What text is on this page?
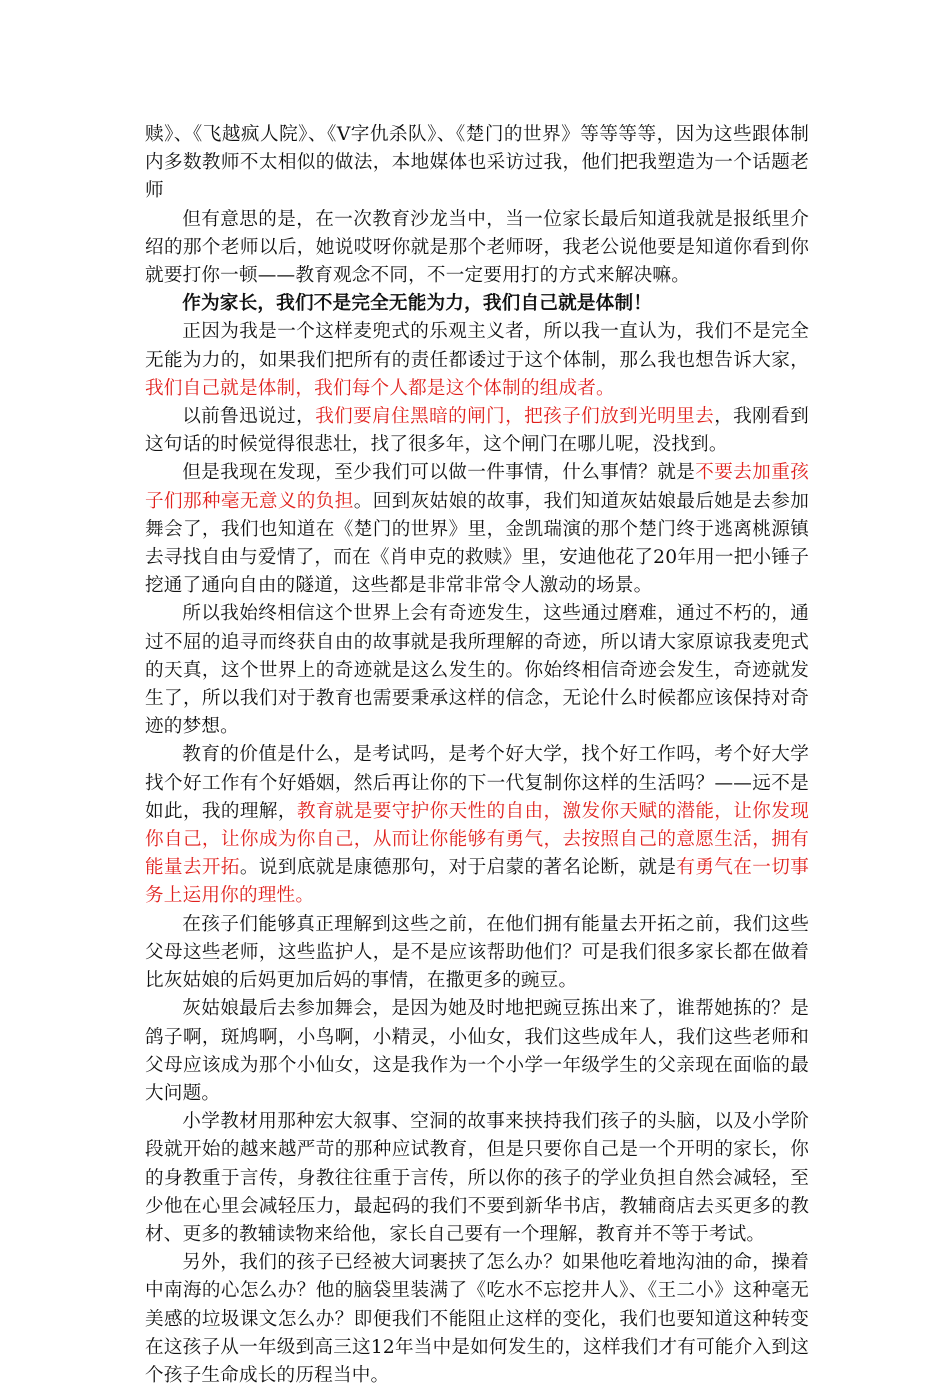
赎》、《飞越疯人院》、《V字仇杀队》、《楚门的世界》等等等等，因为这些跟体制内多数教师不太相似的做法，本地媒体也采访过我，他们把我塑造为一个话题老师

但有意思的是，在一次教育沙龙当中，当一位家长最后知道我就是报纸里介绍的那个老师以后，她说哎呀你就是那个老师呀，我老公说他要是知道你看到你就要打你一顿——教育观念不同，不一定要用打的方式来解决嘛。

作为家长，我们不是完全无能为力，我们自己就是体制！

正因为我是一个这样麦兜式的乐观主义者，所以我一直认为，我们不是完全无能为力的，如果我们把所有的责任都诿过于这个体制，那么我也想告诉大家，我们自己就是体制，我们每个人都是这个体制的组成者。

以前鲁迅说过，我们要肩住黑暗的闸门，把孩子们放到光明里去，我刚看到这句话的时候觉得很悲壮，找了很多年，这个闸门在哪儿呢，没找到。

但是我现在发现，至少我们可以做一件事情，什么事情？就是不要去加重孩子们那种毫无意义的负担。回到灰姑娘的故事，我们知道灰姑娘最后她是去参加舞会了，我们也知道在《楚门的世界》里，金凯瑞演的那个楚门终于逃离桃源镇去寻找自由与爱情了，而在《肖申克的救赎》里，安迪他花了20年用一把小锤子挖通了通向自由的隧道，这些都是非常非常令人激动的场景。

所以我始终相信这个世界上会有奇迹发生，这些通过磨难，通过不朽的，通过不屈的追寻而终获自由的故事就是我所理解的奇迹，所以请大家原谅我麦兜式的天真，这个世界上的奇迹就是这么发生的。你始终相信奇迹会发生，奇迹就发生了，所以我们对于教育也需要秉承这样的信念，无论什么时候都应该保持对奇迹的梦想。

教育的价值是什么，是考试吗，是考个好大学，找个好工作吗，考个好大学找个好工作有个好婚姻，然后再让你的下一代复制你这样的生活吗？——远不是如此，我的理解，教育就是要守护你天性的自由，激发你天赋的潜能，让你发现你自己，让你成为你自己，从而让你能够有勇气，去按照自己的意愿生活，拥有能量去开拓。说到底就是康德那句，对于启蒙的著名论断，就是有勇气在一切事务上运用你的理性。

在孩子们能够真正理解到这些之前，在他们拥有能量去开拓之前，我们这些父母这些老师，这些监护人，是不是应该帮助他们？可是我们很多家长都在做着比灰姑娘的后妈更加后妈的事情，在撒更多的豌豆。

灰姑娘最后去参加舞会，是因为她及时地把豌豆拣出来了，谁帮她拣的？是鸽子啊，斑鸠啊，小鸟啊，小精灵，小仙女，我们这些成年人，我们这些老师和父母应该成为那个小仙女，这是我作为一个小学一年级学生的父亲现在面临的最大问题。

小学教材用那种宏大叙事、空洞的故事来挟持我们孩子的头脑，以及小学阶段就开始的越来越严苛的那种应试教育，但是只要你自己是一个开明的家长，你的身教重于言传，身教往往重于言传，所以你的孩子的学业负担自然会减轻，至少他在心里会减轻压力，最起码的我们不要到新华书店，教辅商店去买更多的教材、更多的教辅读物来给他，家长自己要有一个理解，教育并不等于考试。

另外，我们的孩子已经被大词裹挟了怎么办？如果他吃着地沟油的命，操着中南海的心怎么办？他的脑袋里装满了《吃水不忘挖井人》、《王二小》这种毫无美感的垃圾课文怎么办？即便我们不能阻止这样的变化，我们也要知道这种转变在这孩子从一年级到高三这12年当中是如何发生的，这样我们才有可能介入到这个孩子生命成长的历程当中。
